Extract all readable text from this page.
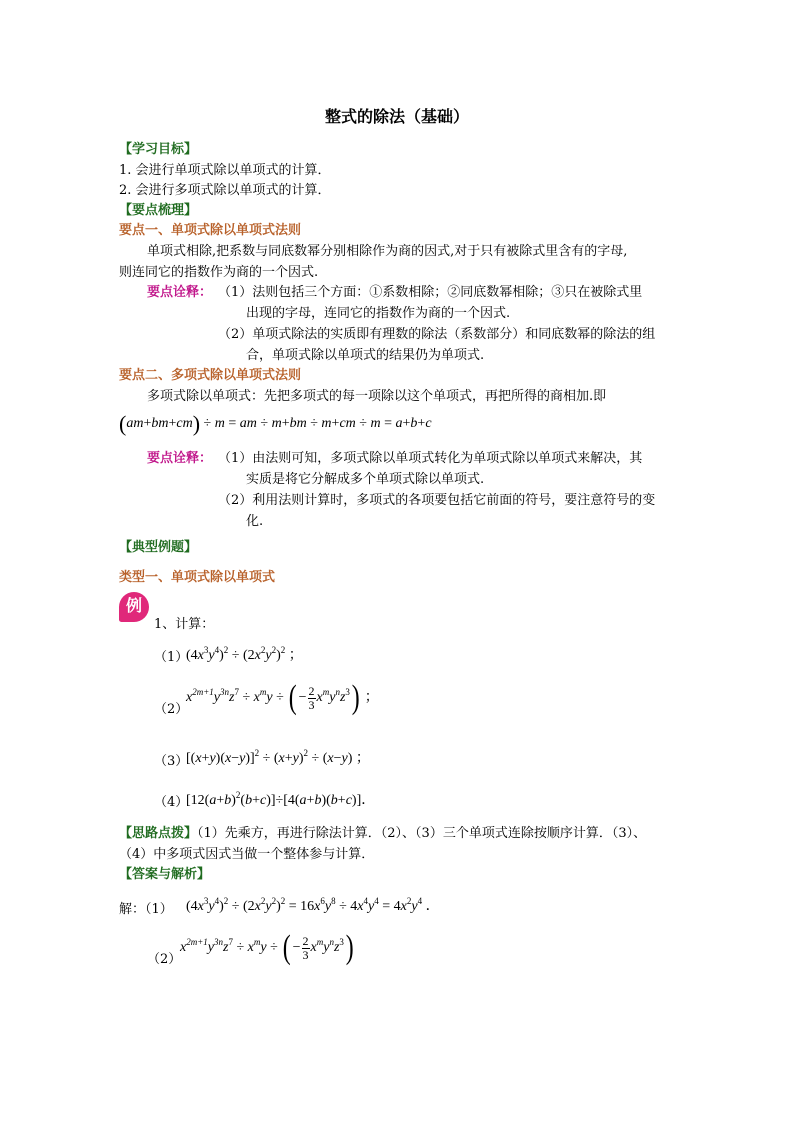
整式的除法（基础）
【学习目标】
1. 会进行单项式除以单项式的计算．
2. 会进行多项式除以单项式的计算．
【要点梳理】
要点一、单项式除以单项式法则
单项式相除,把系数与同底数幂分别相除作为商的因式,对于只有被除式里含有的字母,
则连同它的指数作为商的一个因式.
要点诠释： （1）法则包括三个方面：①系数相除；②同底数幂相除；③只在被除式里
出现的字母，连同它的指数作为商的一个因式.
（2）单项式除法的实质即有理数的除法（系数部分）和同底数幂的除法的组
合，单项式除以单项式的结果仍为单项式.
要点二、多项式除以单项式法则
多项式除以单项式：先把多项式的每一项除以这个单项式，再把所得的商相加.即
(am+bm+cm) ÷ m = am ÷ m+bm ÷ m+cm ÷ m = a+b+c
要点诠释： （1）由法则可知，多项式除以单项式转化为单项式除以单项式来解决，其
实质是将它分解成多个单项式除以单项式.
（2）利用法则计算时，多项式的各项要包括它前面的符号，要注意符号的变
化.
【典型例题】
类型一、单项式除以单项式
例
1、计算：
（1）
$(4x^3y^4)^2 \div (2x^2y^2)^2$ ；
（2）
$x^{2m+1}y^{3n}z^7 \div x^my$ ÷ ( − $\frac{2}{3} x^my^nz^3$) ；
（3）
$[(x+y)(x-y)]^2 \div (x+y)^2 \div (x-y)$ ；
（4）
$[12(a+b)^2(b+c)]\div[4(a+b)(b+c)]$．
【思路点拨】（1）先乘方，再进行除法计算．（2）、（3）三个单项式连除按顺序计算．（3）、
（4）中多项式因式当做一个整体参与计算．
【答案与解析】
解：（1） $(4x^3y^4)^2 \div (2x^2y^2)^2 = 16x^6y^8 \div 4x^4y^4 = 4x^2y^4$ ．
（2）
$x^{2m+1}y^{3n}z^7 \div x^my$ ÷ ( − $\frac{2}{3} x^my^nz^3$)
